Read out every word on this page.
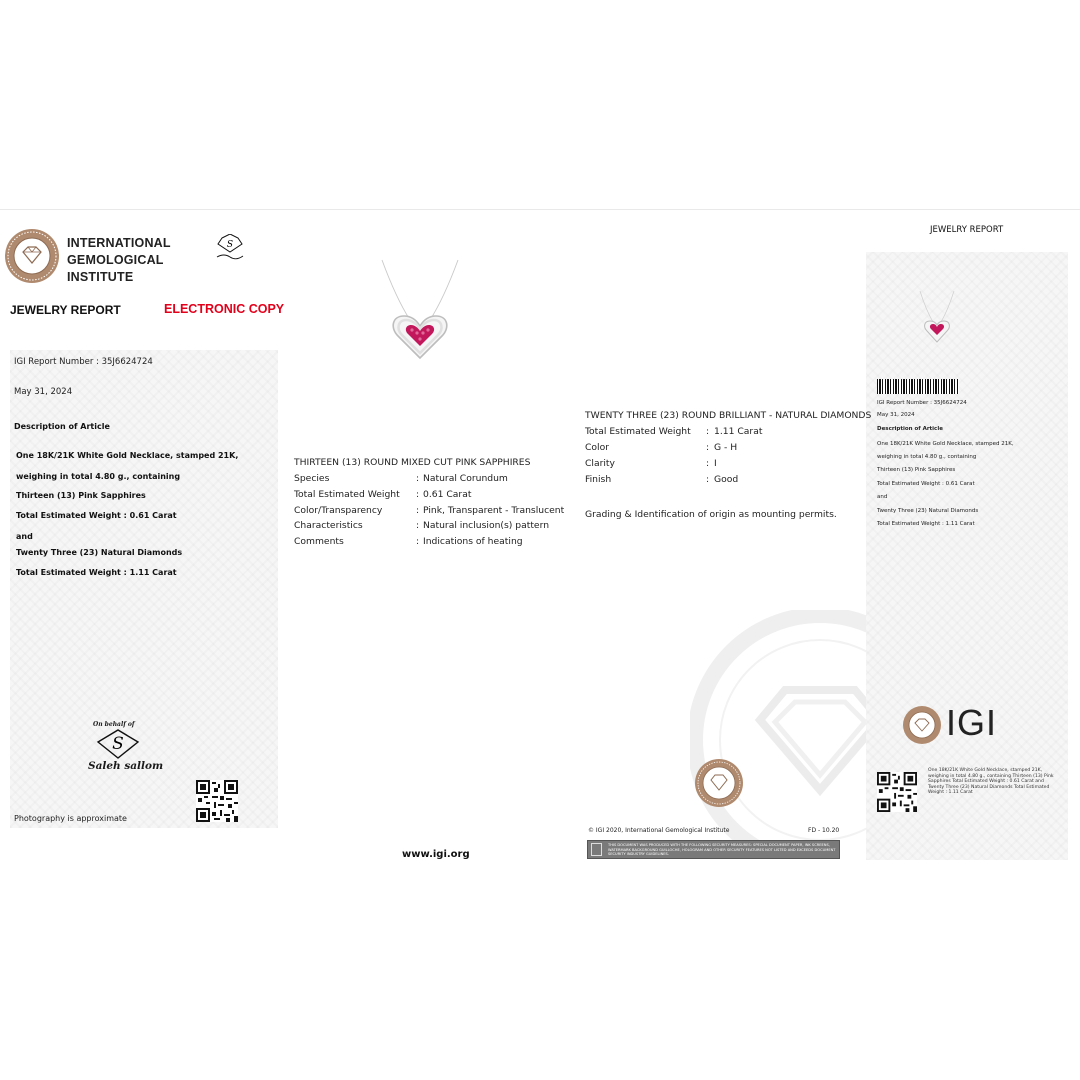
INTERNATIONAL
GEMOLOGICAL
INSTITUTE
S
JEWELRY REPORT	ELECTRONIC COPY
IGI Report Number : 35J6624724
May 31, 2024
Description of Article
One 18K/21K White Gold Necklace, stamped 21K,
weighing in total 4.80 g., containing
Thirteen (13) Pink Sapphires
Total Estimated Weight : 0.61 Carat
and
Twenty Three (23) Natural Diamonds
Total Estimated Weight : 1.11 Carat
On behalf of
S
Saleh sallom
Photography is approximate
THIRTEEN (13) ROUND MIXED CUT PINK SAPPHIRES
Species	: Natural Corundum
Total Estimated Weight : 0.61 Carat
Color/Transparency	: Pink, Transparent - Translucent
Characteristics	: Natural inclusion(s) pattern
Comments	: Indications of heating
TWENTY THREE (23) ROUND BRILLIANT - NATURAL DIAMONDS
Total Estimated Weight : 1.11 Carat
Color	: G - H
Clarity	: I
Finish	: Good
Grading & Identification of origin as mounting permits.
www.igi.org
© IGI 2020, International Gemological Institute	FD - 10.20
THIS DOCUMENT WAS PRODUCED WITH THE FOLLOWING SECURITY MEASURES: SPECIAL DOCUMENT PAPER, INK SCREENS, WATERMARK BACKGROUND GUILLOCHE, HOLOGRAM AND OTHER SECURITY FEATURES NOT LISTED AND EXCEEDS DOCUMENT SECURITY INDUSTRY GUIDELINES.
JEWELRY REPORT
IGI Report Number : 35J6624724
May 31, 2024
Description of Article
One 18K/21K White Gold Necklace, stamped 21K,
weighing in total 4.80 g., containing
Thirteen (13) Pink Sapphires
Total Estimated Weight : 0.61 Carat
and
Twenty Three (23) Natural Diamonds
Total Estimated Weight : 1.11 Carat
IGI
One 18K/21K White Gold Necklace, stamped 21K, weighing in total 4.80 g., containing Thirteen (13) Pink Sapphires Total Estimated Weight : 0.61 Carat and Twenty Three (23) Natural Diamonds Total Estimated Weight : 1.11 Carat
